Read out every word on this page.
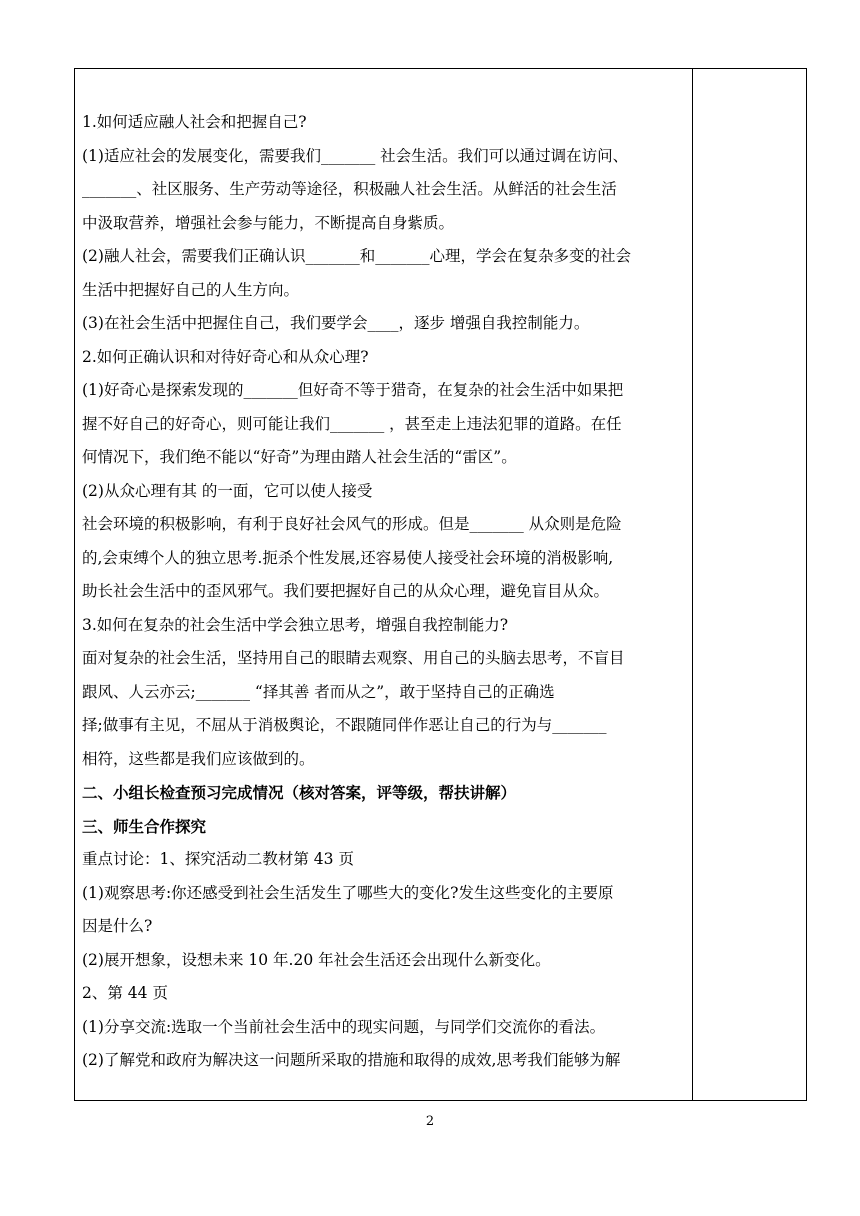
1.如何适应融人社会和把握自己?
(1)适应社会的发展变化，需要我们_______ 社会生活。我们可以通过调在访问、
_______、社区服务、生产劳动等途径，积极融人社会生活。从鲜活的社会生活
中汲取营养，增强社会参与能力，不断提高自身紫质。
(2)融人社会，需要我们正确认识_______和_______心理，学会在复杂多变的社会
生活中把握好自己的人生方向。
(3)在社会生活中把握住自己，我们要学会____，逐步 增强自我控制能力。
2.如何正确认识和对待好奇心和从众心理?
(1)好奇心是探索发现的_______但好奇不等于猎奇，在复杂的社会生活中如果把
握不好自己的好奇心，则可能让我们_______ ，甚至走上违法犯罪的道路。在任
何情况下，我们绝不能以“好奇”为理由踏人社会生活的“雷区”。
(2)从众心理有其 的一面，它可以使人接受
社会环境的积极影响，有利于良好社会风气的形成。但是_______ 从众则是危险
的,会束缚个人的独立思考.扼杀个性发展,还容易使人接受社会环境的消极影响,
助长社会生活中的歪风邪气。我们要把握好自己的从众心理，避免盲目从众。
3.如何在复杂的社会生活中学会独立思考，增强自我控制能力?
面对复杂的社会生活，坚持用自己的眼睛去观察、用自己的头脑去思考，不盲目
跟风、人云亦云;_______ “择其善 者而从之”，敢于坚持自己的正确选
择;做事有主见，不屈从于消极舆论，不跟随同伴作恶让自己的行为与_______
相符，这些都是我们应该做到的。
二、小组长检查预习完成情况（核对答案，评等级，帮扶讲解）
三、师生合作探究
重点讨论：1、探究活动二教材第 43 页
(1)观察思考:你还感受到社会生活发生了哪些大的变化?发生这些变化的主要原
因是什么?
(2)展开想象，设想未来 10 年.20 年社会生活还会出现什么新变化。
2、第 44 页
(1)分享交流:选取一个当前社会生活中的现实问题，与同学们交流你的看法。
(2)了解党和政府为解决这一问题所采取的措施和取得的成效,思考我们能够为解
2
